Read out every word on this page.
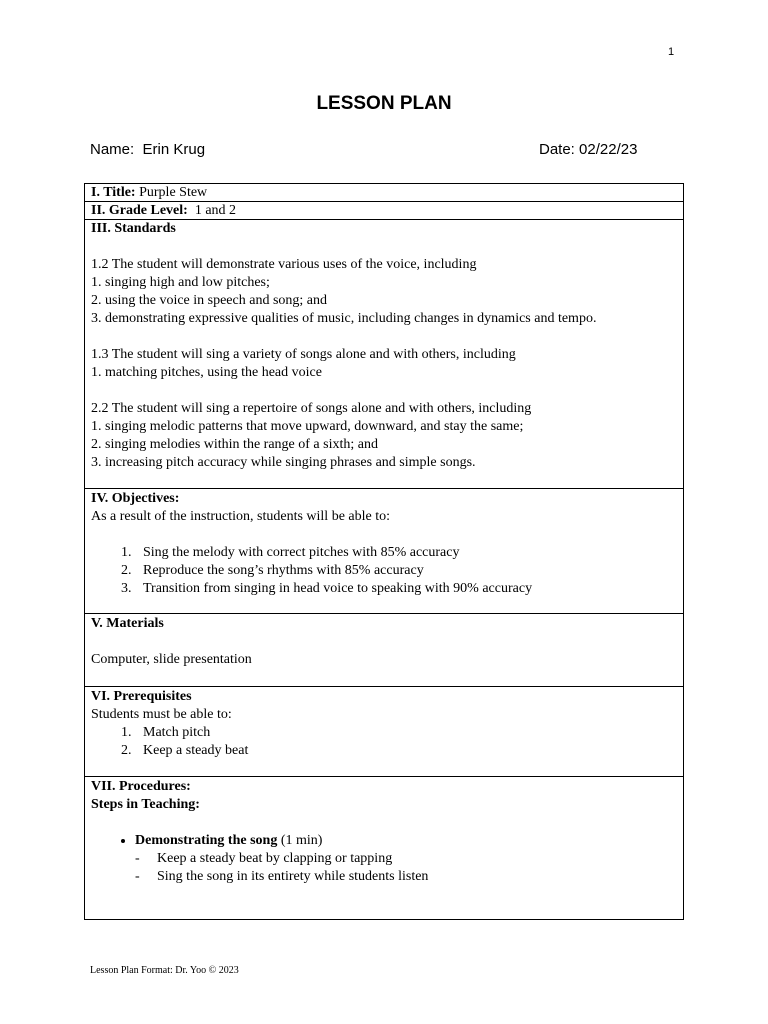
1
LESSON PLAN
Name: Erin Krug	Date: 02/22/23
I. Title: Purple Stew
II. Grade Level: 1 and 2
III. Standards
1.2 The student will demonstrate various uses of the voice, including
1. singing high and low pitches;
2. using the voice in speech and song; and
3. demonstrating expressive qualities of music, including changes in dynamics and tempo.
1.3 The student will sing a variety of songs alone and with others, including
1. matching pitches, using the head voice
2.2 The student will sing a repertoire of songs alone and with others, including
1. singing melodic patterns that move upward, downward, and stay the same;
2. singing melodies within the range of a sixth; and
3. increasing pitch accuracy while singing phrases and simple songs.
IV. Objectives:
As a result of the instruction, students will be able to:
1. Sing the melody with correct pitches with 85% accuracy
2. Reproduce the song’s rhythms with 85% accuracy
3. Transition from singing in head voice to speaking with 90% accuracy
V. Materials
Computer, slide presentation
VI. Prerequisites
Students must be able to:
1. Match pitch
2. Keep a steady beat
VII. Procedures:
Steps in Teaching:
• Demonstrating the song (1 min)
- Keep a steady beat by clapping or tapping
- Sing the song in its entirety while students listen
Lesson Plan Format: Dr. Yoo © 2023
